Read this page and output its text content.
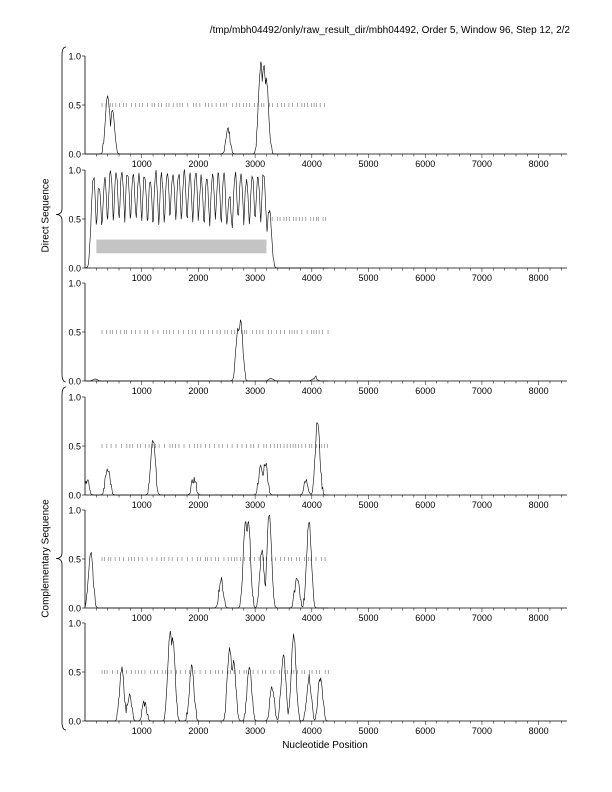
/tmp/mbh04492/only/raw_result_dir/mbh04492, Order 5, Window 96, Step 12, 2/2
0.0
0.5
1.0
1000	2000	3000	4000	5000	6000	7000	8000
0.0
0.5
1.0
1000	2000	3000	4000	5000	6000	7000	8000
0.0
0.5
1.0
1000	2000	3000	4000	5000	6000	7000	8000
0.0
0.5
1.0
1000	2000	3000	4000	5000	6000	7000	8000
0.0
0.5
1.0
1000	2000	3000	4000	5000	6000	7000	8000
0.0
0.5
1.0
1000	2000	3000	4000	5000	6000	7000	8000
Direct Sequence
Complementary Sequence
Nucleotide Position
